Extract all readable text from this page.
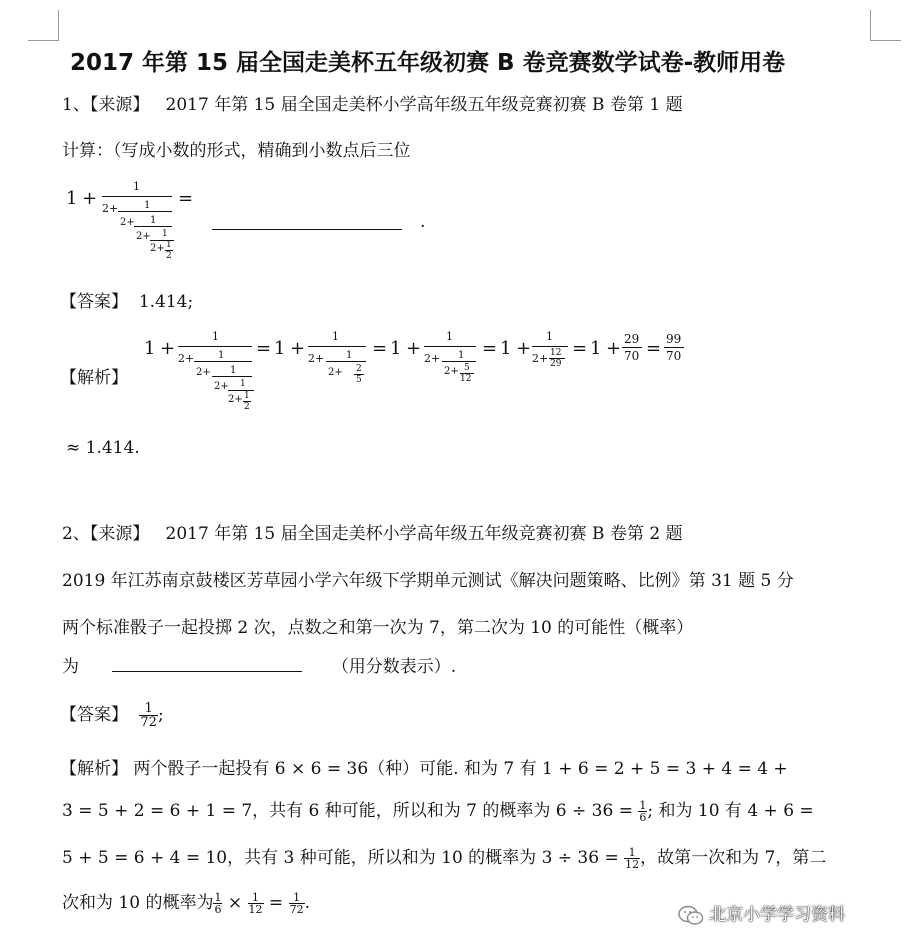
2017 年第 15 届全国走美杯五年级初赛 B 卷竞赛数学试卷-教师用卷
1、【来源】 2017 年第 15 届全国走美杯小学高年级五年级竞赛初赛 B 卷第 1 题
计算：（写成小数的形式，精确到小数点后三位
1 +
1
2+	1
2+ 1
2+ 1
2+ 1
2
=
.
【答案】 1.414;
【解析】
1 +
1
2+ 1
2+ 1
2+ 1
2+ 1
2
= 1 +
1
2+ 1
2+ 2
5
= 1 +
1
2+ 1
2+ 5
12
= 1 +
1
2+ 12
29
= 1 + 29
70 = 99
70
≈ 1.414.
2、【来源】 2017 年第 15 届全国走美杯小学高年级五年级竞赛初赛 B 卷第 2 题
2019 年江苏南京鼓楼区芳草园小学六年级下学期单元测试《解决问题策略、比例》第 31 题 5 分
两个标准骰子一起投掷 2 次，点数之和第一次为 7，第二次为 10 的可能性（概率）
为	（用分数表示）.
【答案】 $\frac{1}{72}$ ;
【解析】 两个骰子一起投有 6 × 6 = 36（种）可能. 和为 7 有 1 + 6 = 2 + 5 = 3 + 4 = 4 +
3 = 5 + 2 = 6 + 1 = 7，共有 6 种可能，所以和为 7 的概率为 $6 \div 36 = \frac{1}{6}$ ; 和为 10 有 4 + 6 =
5 + 5 = 6 + 4 = 10，共有 3 种可能，所以和为 10 的概率为 $3 \div 36 = \frac{1}{12}$ ，故第一次和为 7，第二
次和为 10 的概率为 $\frac{1}{6} \times \frac{1}{12} = \frac{1}{72}$ .
北京小学学习资料
